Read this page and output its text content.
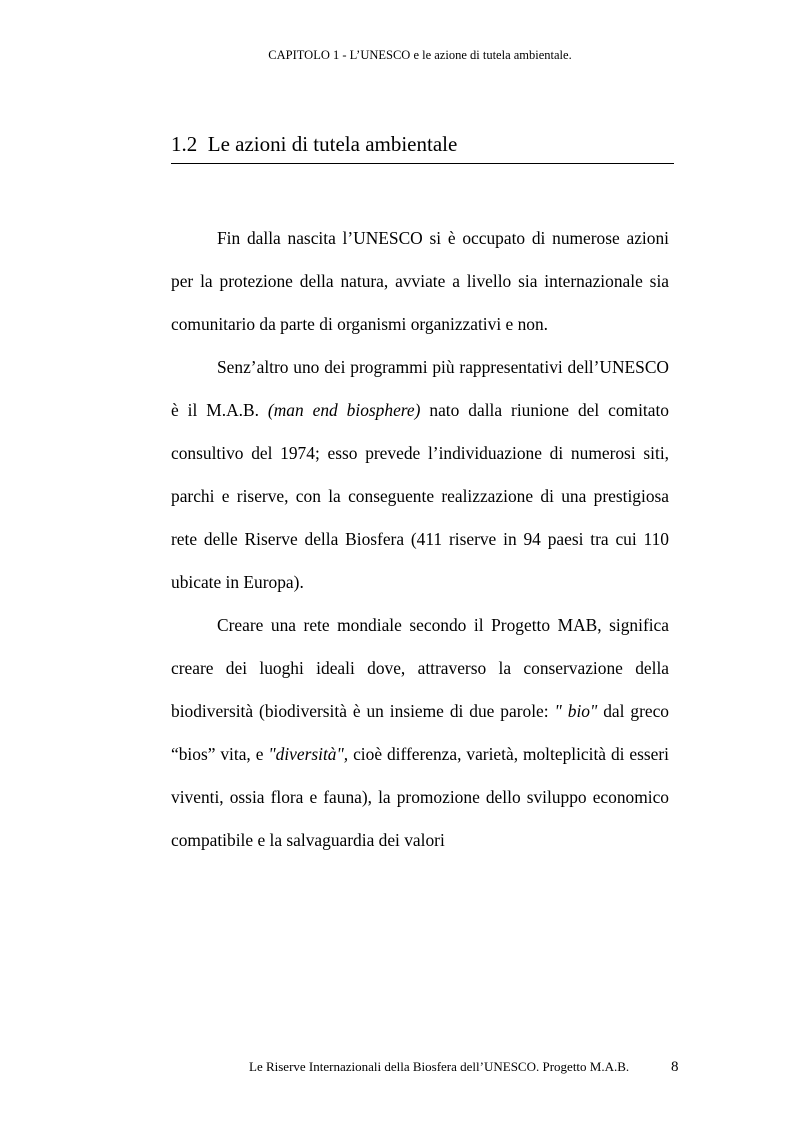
CAPITOLO 1 - L’UNESCO e le azione di tutela ambientale.
1.2 Le azioni di tutela ambientale

Fin dalla nascita l’UNESCO si è occupato di numerose azioni per la protezione della natura, avviate a livello sia internazionale sia comunitario da parte di organismi organizzativi e non.

Senz’altro uno dei programmi più rappresentativi dell’UNESCO è il M.A.B. (man end biosphere) nato dalla riunione del comitato consultivo del 1974; esso prevede l’individuazione di numerosi siti, parchi e riserve, con la conseguente realizzazione di una prestigiosa rete delle Riserve della Biosfera (411 riserve in 94 paesi tra cui 110 ubicate in Europa).

Creare una rete mondiale secondo il Progetto MAB, significa creare dei luoghi ideali dove, attraverso la conservazione della biodiversità (biodiversità è un insieme di due parole: " bio" dal greco “bios” vita, e "diversità", cioè differenza, varietà, molteplicità di esseri viventi, ossia flora e fauna), la promozione dello sviluppo economico compatibile e la salvaguardia dei valori

Le Riserve Internazionali della Biosfera dell’UNESCO. Progetto M.A.B.	8
